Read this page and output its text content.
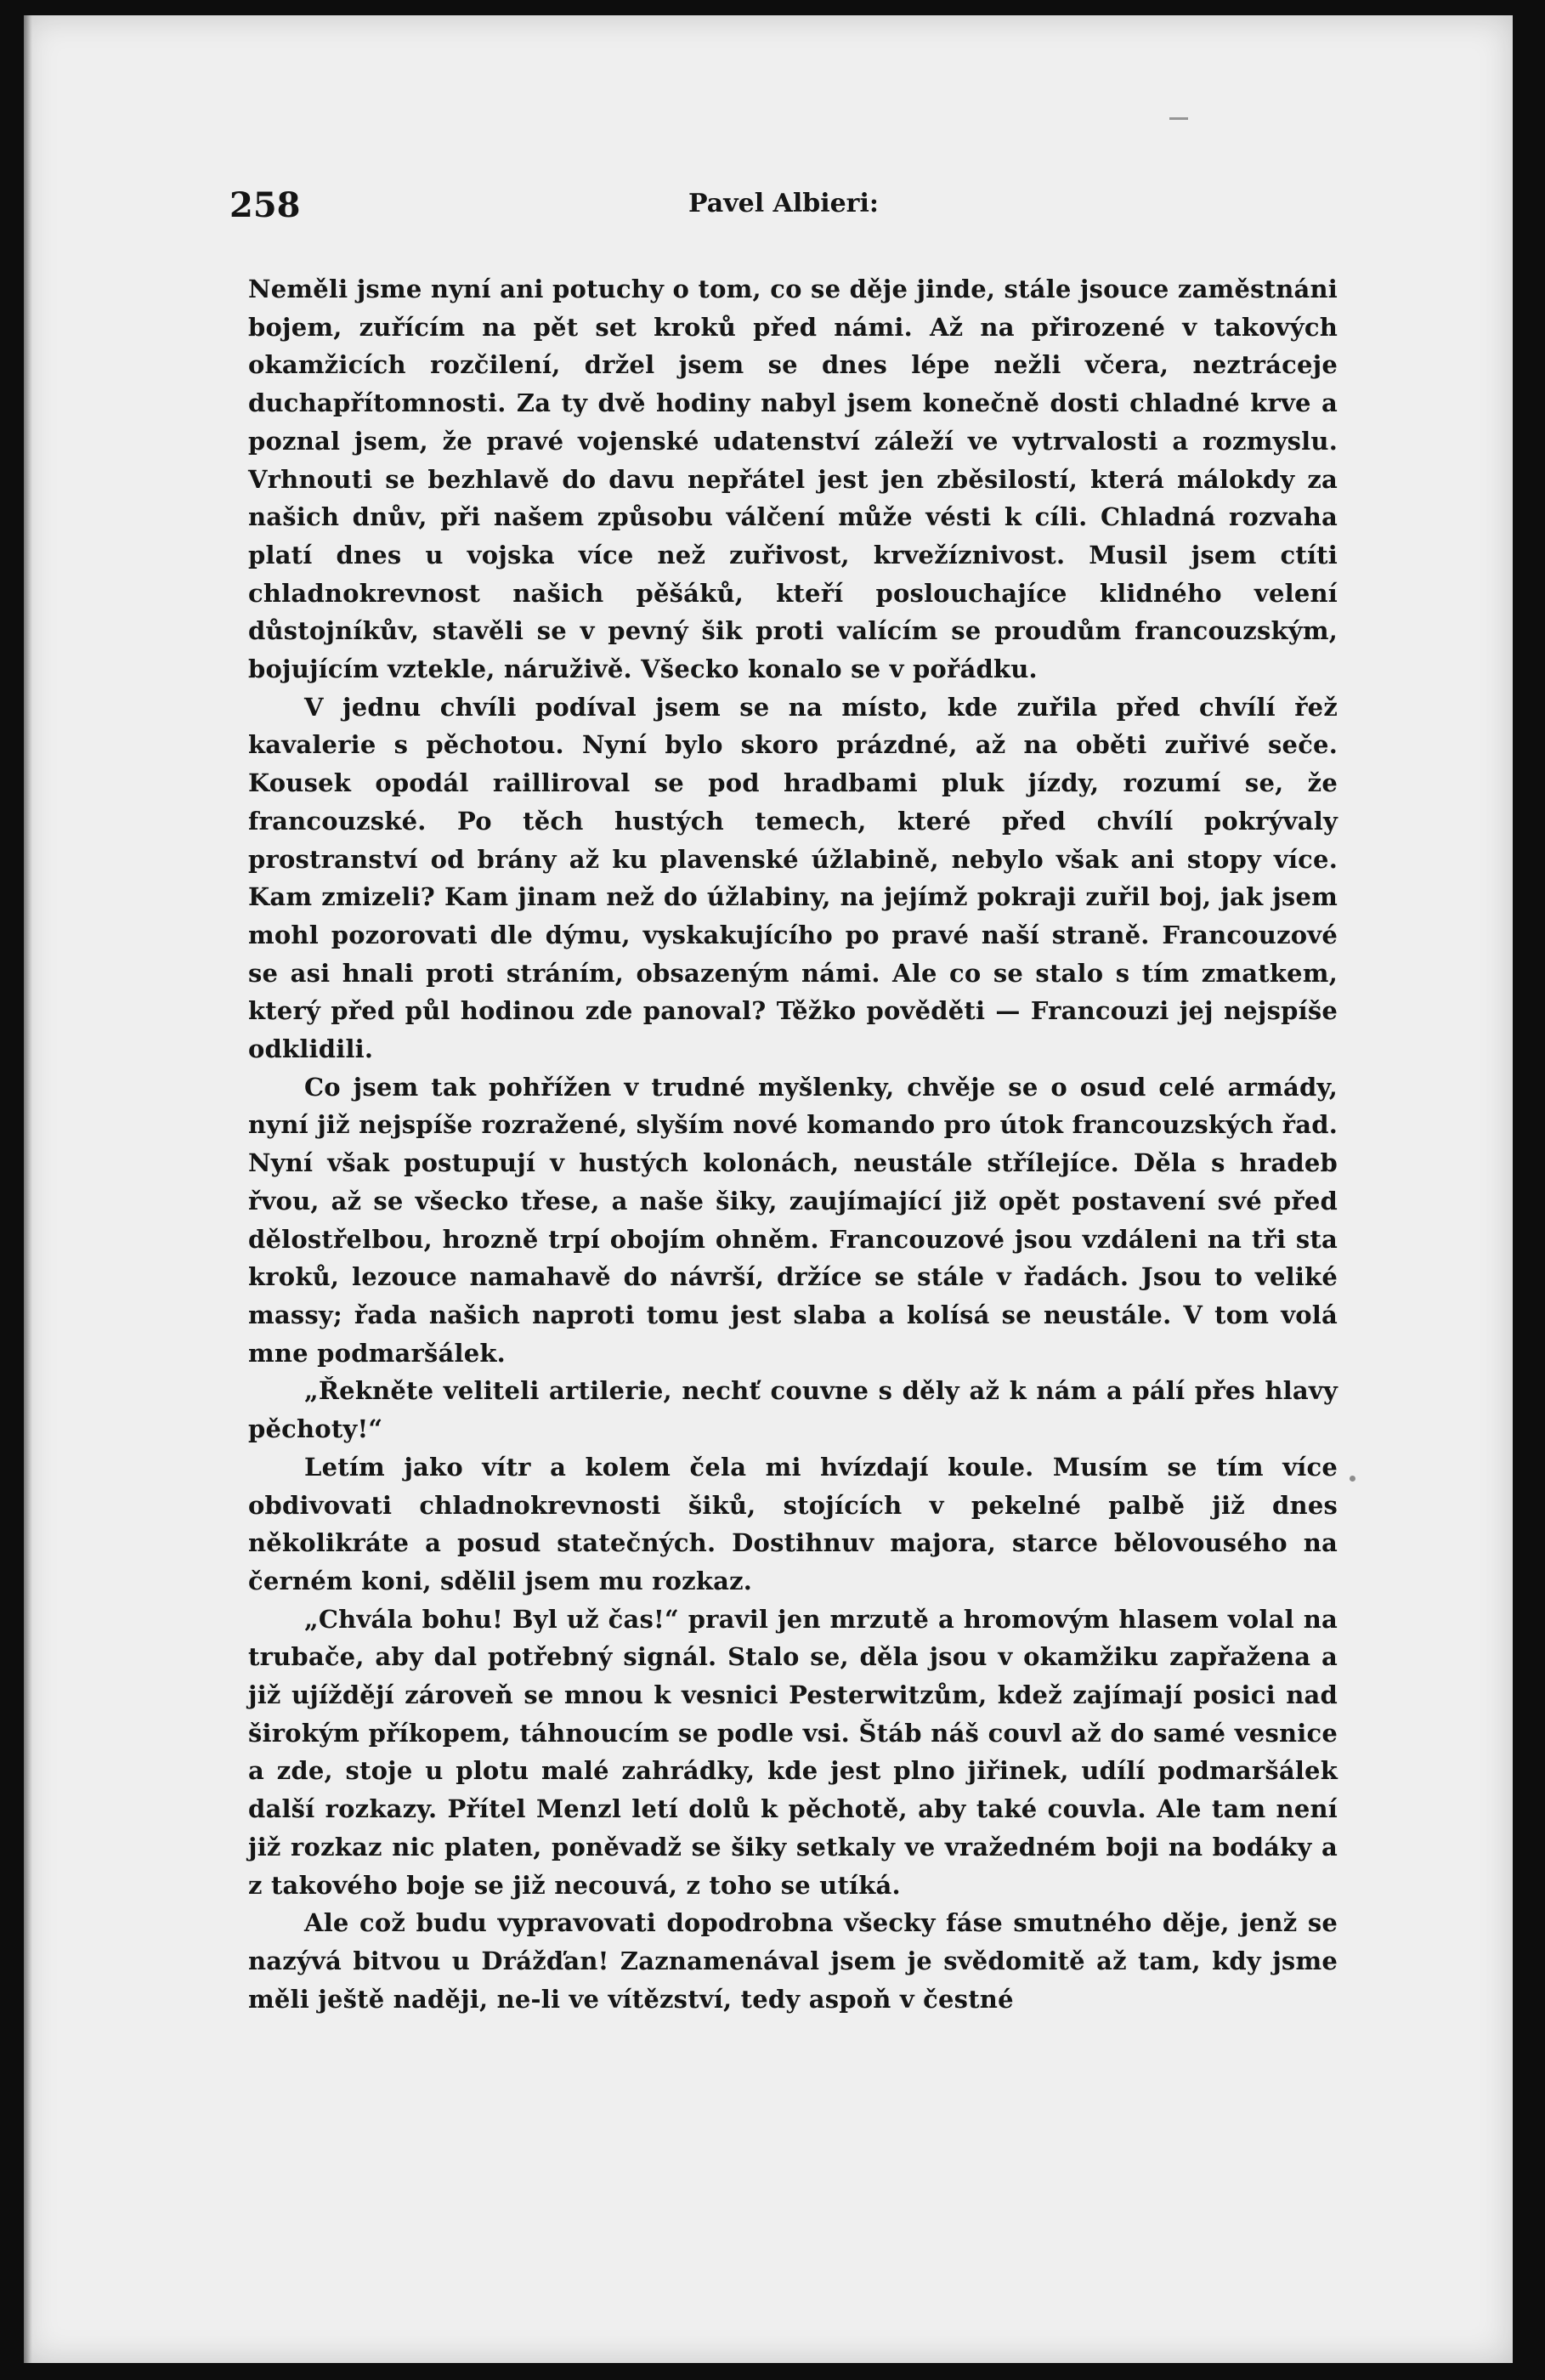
258	Pavel Albieri:

Neměli jsme nyní ani potuchy o tom, co se děje jinde, stále jsouce zaměstnáni bojem, zuřícím na pět set kroků před námi. Až na přirozené v takových okamžicích rozčilení, držel jsem se dnes lépe nežli včera, neztráceje duchapřítomnosti. Za ty dvě hodiny nabyl jsem konečně dosti chladné krve a poznal jsem, že pravé vojenské udatenství záleží ve vytrvalosti a rozmyslu. Vrhnouti se bezhlavě do davu nepřátel jest jen zběsilostí, která málokdy za našich dnův, při našem způsobu válčení může vésti k cíli. Chladná rozvaha platí dnes u vojska více než zuřivost, krvežíznivost. Musil jsem ctíti chladnokrevnost našich pěšáků, kteří poslouchajíce klidného velení důstojníkův, stavěli se v pevný šik proti valícím se proudům francouzským, bojujícím vztekle, náruživě. Všecko konalo se v pořádku.

V jednu chvíli podíval jsem se na místo, kde zuřila před chvílí řež kavalerie s pěchotou. Nyní bylo skoro prázdné, až na oběti zuřivé seče. Kousek opodál railliroval se pod hradbami pluk jízdy, rozumí se, že francouzské. Po těch hustých temech, které před chvílí pokrývaly prostranství od brány až ku plavenské úžlabině, nebylo však ani stopy více. Kam zmizeli? Kam jinam než do úžlabiny, na jejímž pokraji zuřil boj, jak jsem mohl pozorovati dle dýmu, vyskakujícího po pravé naší straně. Francouzové se asi hnali proti stráním, obsazeným námi. Ale co se stalo s tím zmatkem, který před půl hodinou zde panoval? Těžko pověděti — Francouzi jej nejspíše odklidili.

Co jsem tak pohřížen v trudné myšlenky, chvěje se o osud celé armády, nyní již nejspíše rozražené, slyším nové komando pro útok francouzských řad. Nyní však postupují v hustých kolonách, neustále střílejíce. Děla s hradeb řvou, až se všecko třese, a naše šiky, zaujímající již opět postavení své před dělostřelbou, hrozně trpí obojím ohněm. Francouzové jsou vzdáleni na tři sta kroků, lezouce namahavě do návrší, držíce se stále v řadách. Jsou to veliké massy; řada našich naproti tomu jest slaba a kolísá se neustále. V tom volá mne podmaršálek.

„Řekněte veliteli artilerie, nechť couvne s děly až k nám a pálí přes hlavy pěchoty!“

Letím jako vítr a kolem čela mi hvízdají koule. Musím se tím více obdivovati chladnokrevnosti šiků, stojících v pekelné palbě již dnes několikráte a posud statečných. Dostihnuv majora, starce bělovousého na černém koni, sdělil jsem mu rozkaz.

„Chvála bohu! Byl už čas!“ pravil jen mrzutě a hromovým hlasem volal na trubače, aby dal potřebný signál. Stalo se, děla jsou v okamžiku zapřažena a již ujíždějí zároveň se mnou k vesnici Pesterwitzům, kdež zajímají posici nad širokým příkopem, táhnoucím se podle vsi. Štáb náš couvl až do samé vesnice a zde, stoje u plotu malé zahrádky, kde jest plno jiřinek, udílí podmaršálek další rozkazy. Přítel Menzl letí dolů k pěchotě, aby také couvla. Ale tam není již rozkaz nic platen, poněvadž se šiky setkaly ve vražedném boji na bodáky a z takového boje se již necouvá, z toho se utíká.

Ale což budu vypravovati dopodrobna všecky fáse smutného děje, jenž se nazývá bitvou u Drážďan! Zaznamenával jsem je svědomitě až tam, kdy jsme měli ještě naději, ne-li ve vítězství, tedy aspoň v čestné
